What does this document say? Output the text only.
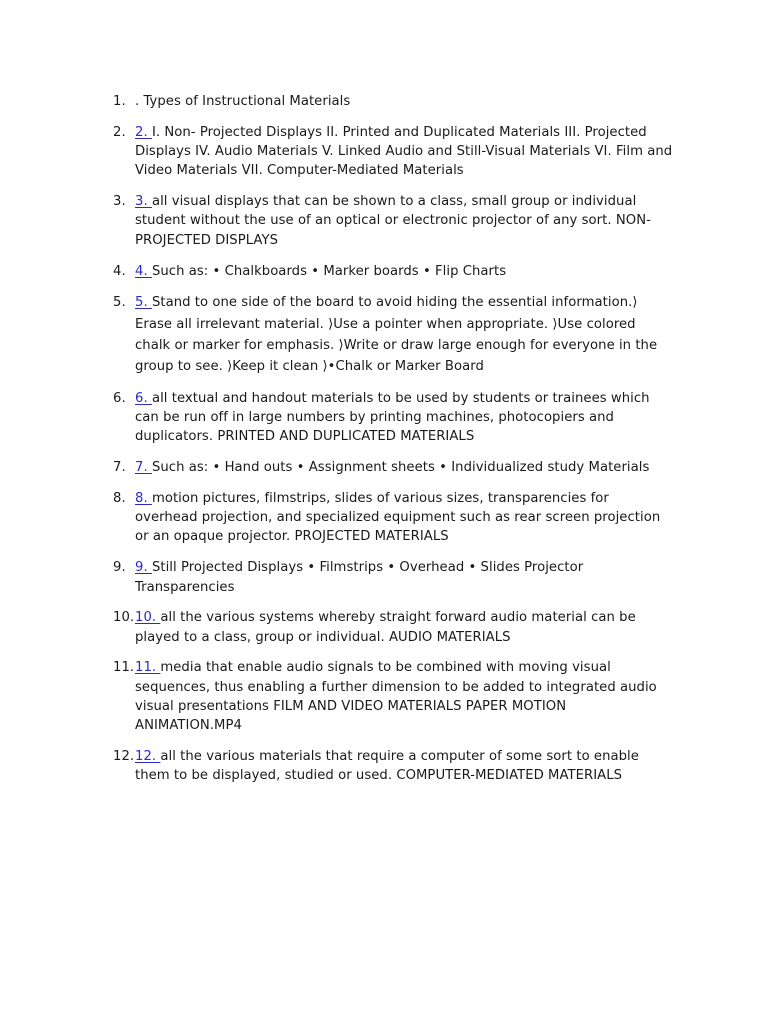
1. . Types of Instructional Materials
2. 2. I. Non- Projected Displays II. Printed and Duplicated Materials III. Projected Displays IV. Audio Materials V. Linked Audio and Still-Visual Materials VI. Film and Video Materials VII. Computer-Mediated Materials
3. 3. all visual displays that can be shown to a class, small group or individual student without the use of an optical or electronic projector of any sort. NON-PROJECTED DISPLAYS
4. 4. Such as: • Chalkboards • Marker boards • Flip Charts
5. 5. Stand to one side of the board to avoid hiding the essential information.⟩Erase all irrelevant material. ⟩Use a pointer when appropriate. ⟩Use colored chalk or marker for emphasis. ⟩Write or draw large enough for everyone in the group to see. ⟩Keep it clean ⟩•Chalk or Marker Board
6. 6. all textual and handout materials to be used by students or trainees which can be run off in large numbers by printing machines, photocopiers and duplicators. PRINTED AND DUPLICATED MATERIALS
7. 7. Such as: • Hand outs • Assignment sheets • Individualized study Materials
8. 8. motion pictures, filmstrips, slides of various sizes, transparencies for overhead projection, and specialized equipment such as rear screen projection or an opaque projector. PROJECTED MATERIALS
9. 9. Still Projected Displays • Filmstrips • Overhead • Slides Projector Transparencies
10. 10. all the various systems whereby straight forward audio material can be played to a class, group or individual. AUDIO MATERIALS
11. 11. media that enable audio signals to be combined with moving visual sequences, thus enabling a further dimension to be added to integrated audio visual presentations FILM AND VIDEO MATERIALS PAPER MOTION ANIMATION.MP4
12. 12. all the various materials that require a computer of some sort to enable them to be displayed, studied or used. COMPUTER-MEDIATED MATERIALS
